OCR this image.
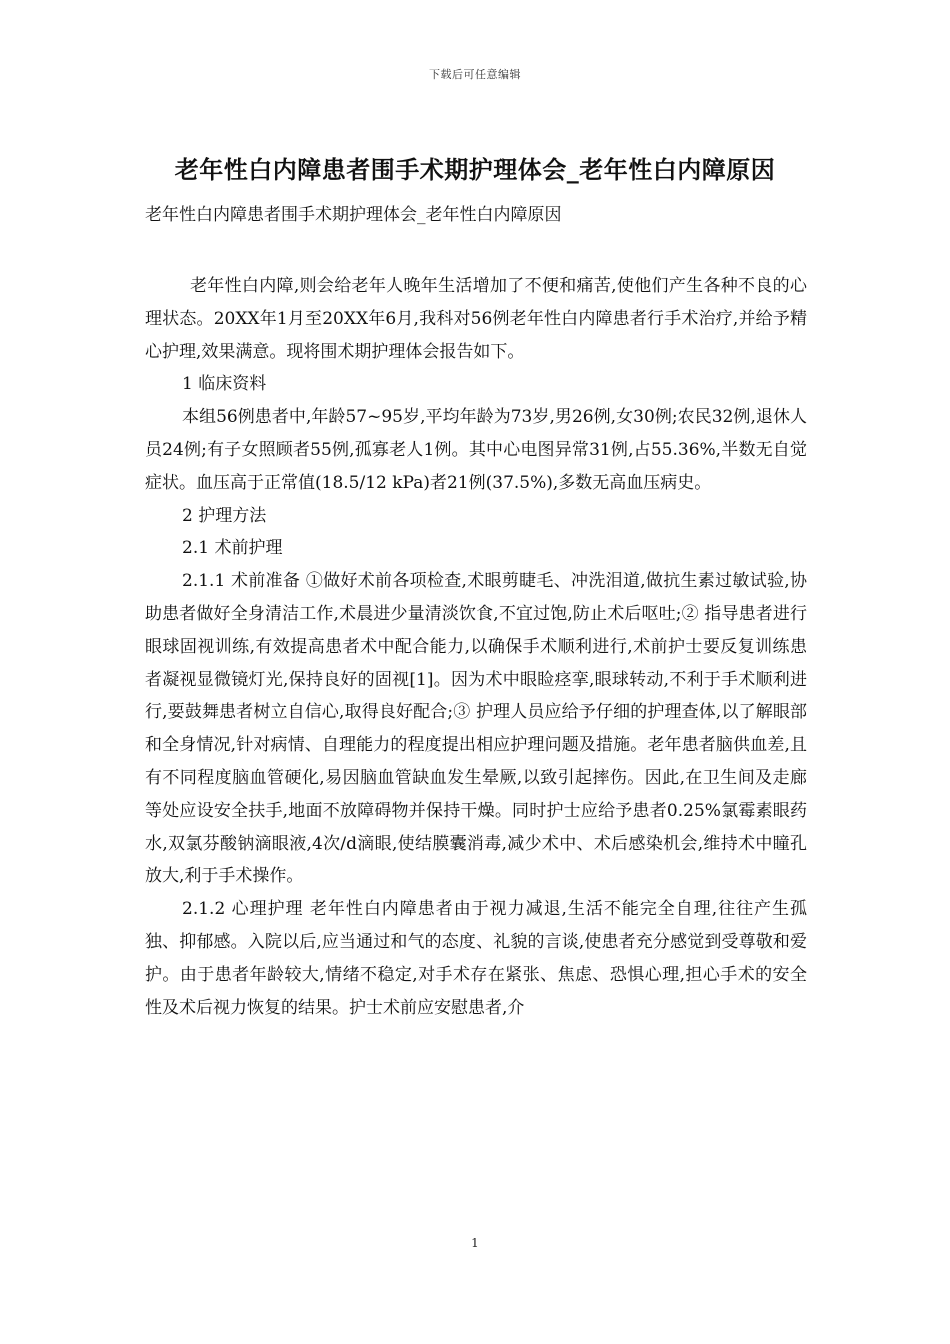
下载后可任意编辑
老年性白内障患者围手术期护理体会_老年性白内障原因

老年性白内障患者围手术期护理体会_老年性白内障原因

老年性白内障,则会给老年人晚年生活增加了不便和痛苦,使他们产生各种不良的心理状态。20XX年1月至20XX年6月,我科对56例老年性白内障患者行手术治疗,并给予精心护理,效果满意。现将围术期护理体会报告如下。

1 临床资料

本组56例患者中,年龄57~95岁,平均年龄为73岁,男26例,女30例;农民32例,退休人员24例;有子女照顾者55例,孤寡老人1例。其中心电图异常31例,占55.36%,半数无自觉症状。血压高于正常值(18.5/12 kPa)者21例(37.5%),多数无高血压病史。

2 护理方法

2.1 术前护理

2.1.1 术前准备 ①做好术前各项检查,术眼剪睫毛、冲洗泪道,做抗生素过敏试验,协助患者做好全身清洁工作,术晨进少量清淡饮食,不宜过饱,防止术后呕吐;② 指导患者进行眼球固视训练,有效提高患者术中配合能力,以确保手术顺利进行,术前护士要反复训练患者凝视显微镜灯光,保持良好的固视[1]。因为术中眼睑痉挛,眼球转动,不利于手术顺利进行,要鼓舞患者树立自信心,取得良好配合;③ 护理人员应给予仔细的护理查体,以了解眼部和全身情况,针对病情、自理能力的程度提出相应护理问题及措施。老年患者脑供血差,且有不同程度脑血管硬化,易因脑血管缺血发生晕厥,以致引起摔伤。因此,在卫生间及走廊等处应设安全扶手,地面不放障碍物并保持干燥。同时护士应给予患者0.25%氯霉素眼药水,双氯芬酸钠滴眼液,4次/d滴眼,使结膜囊消毒,减少术中、术后感染机会,维持术中瞳孔放大,利于手术操作。

2.1.2 心理护理 老年性白内障患者由于视力减退,生活不能完全自理,往往产生孤独、抑郁感。入院以后,应当通过和气的态度、礼貌的言谈,使患者充分感觉到受尊敬和爱护。由于患者年龄较大,情绪不稳定,对手术存在紧张、焦虑、恐惧心理,担心手术的安全性及术后视力恢复的结果。护士术前应安慰患者,介

1
